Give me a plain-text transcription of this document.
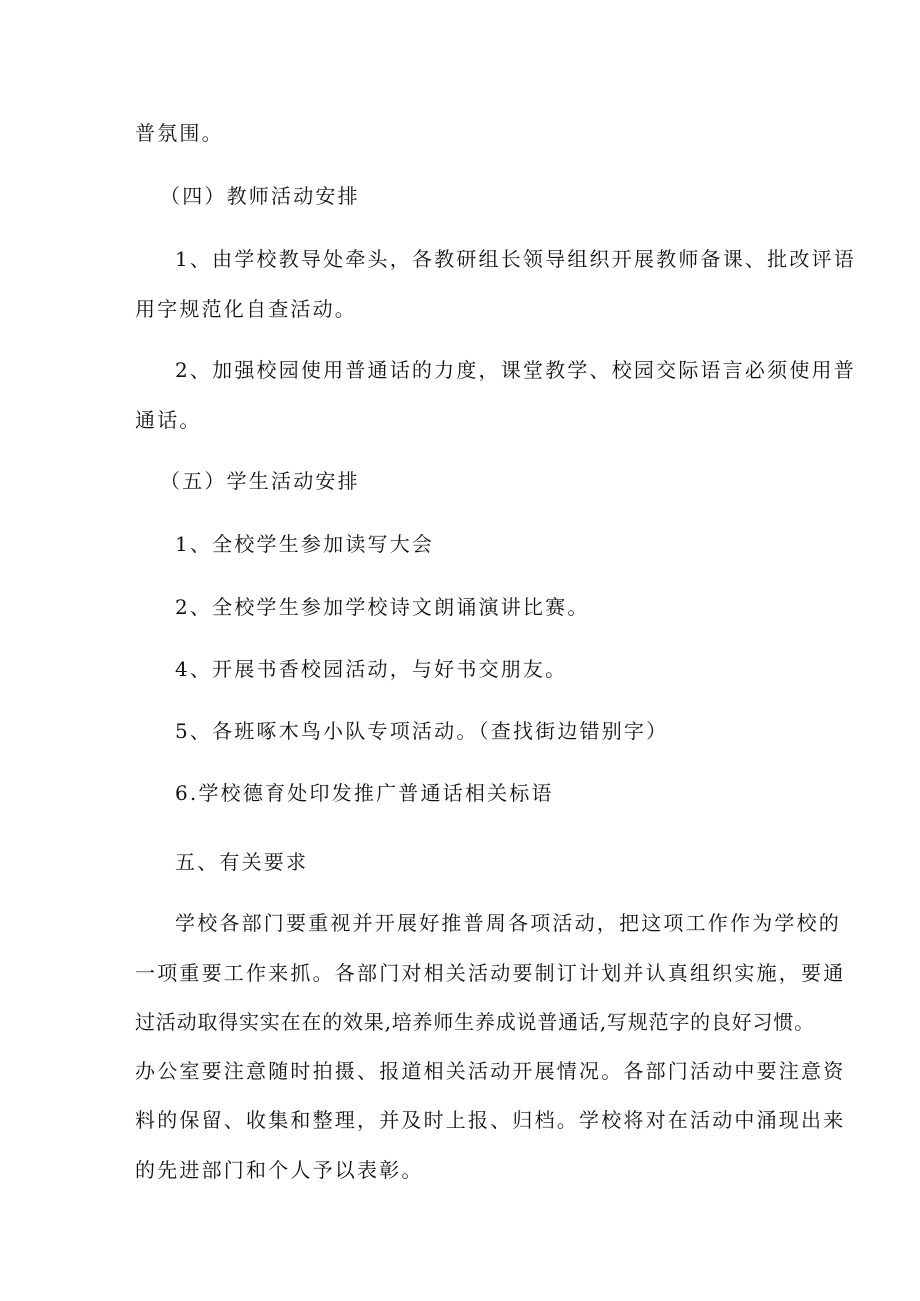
普氛围。
（四）教师活动安排
1、由学校教导处牵头，各教研组长领导组织开展教师备课、批改评语
用字规范化自查活动。
2、加强校园使用普通话的力度，课堂教学、校园交际语言必须使用普
通话。
（五）学生活动安排
1、全校学生参加读写大会
2、全校学生参加学校诗文朗诵演讲比赛。
4、开展书香校园活动，与好书交朋友。
5、各班啄木鸟小队专项活动。（查找街边错别字）
6.学校德育处印发推广普通话相关标语
五、有关要求
学校各部门要重视并开展好推普周各项活动，把这项工作作为学校的
一项重要工作来抓。各部门对相关活动要制订计划并认真组织实施，要通
过活动取得实实在在的效果,培养师生养成说普通话,写规范字的良好习惯。
办公室要注意随时拍摄、报道相关活动开展情况。各部门活动中要注意资
料的保留、收集和整理，并及时上报、归档。学校将对在活动中涌现出来
的先进部门和个人予以表彰。
